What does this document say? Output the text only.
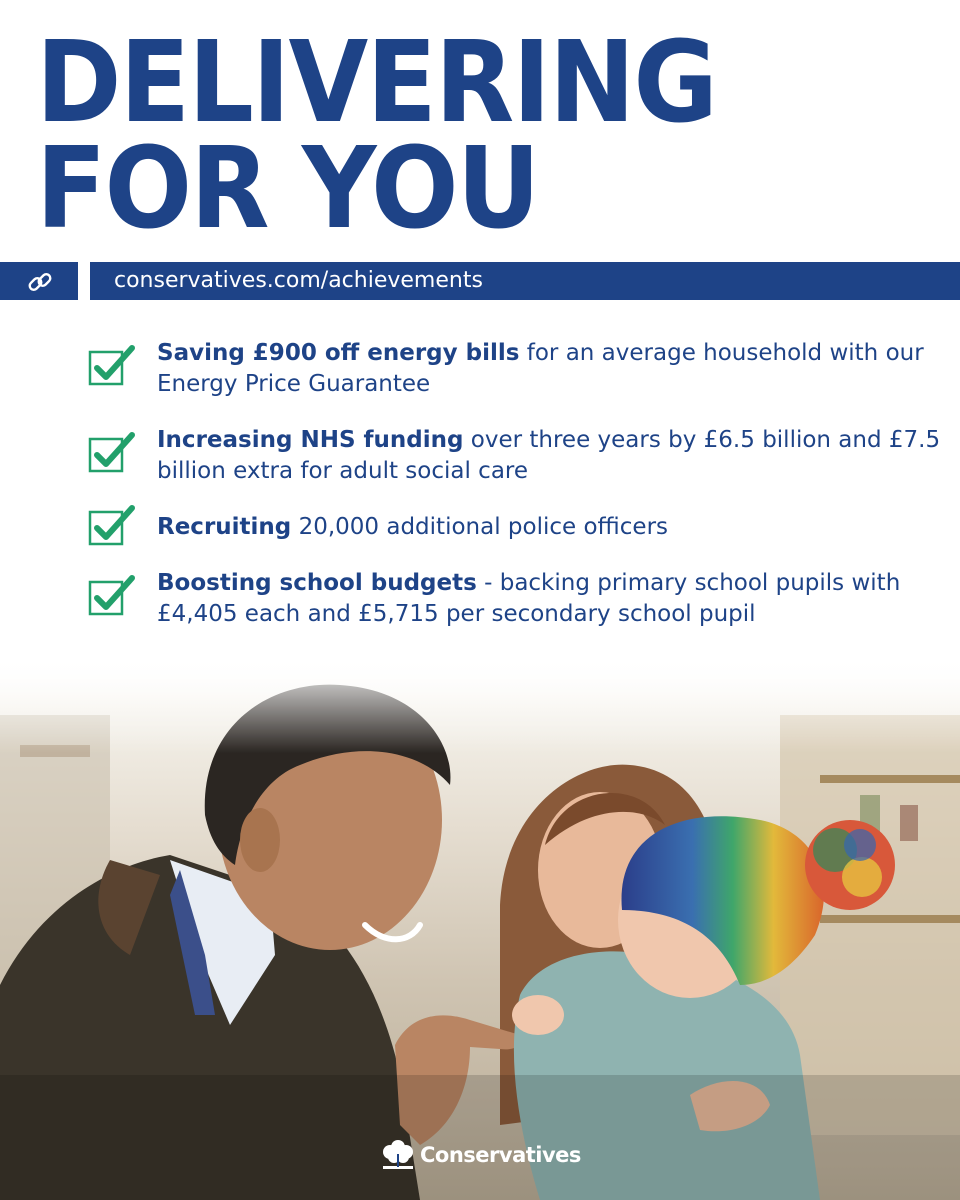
DELIVERING
FOR YOU
conservatives.com/achievements
Saving £900 off energy bills for an average household with our Energy Price Guarantee
Increasing NHS funding over three years by £6.5 billion and £7.5 billion extra for adult social care
Recruiting 20,000 additional police officers
Boosting school budgets - backing primary school pupils with £4,405 each and £5,715 per secondary school pupil
Conservatives
